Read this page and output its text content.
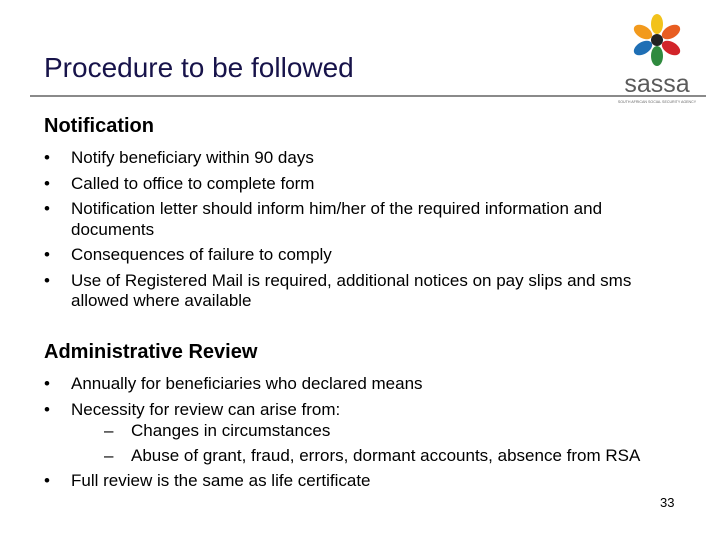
Procedure to be followed
sassa
SOUTH AFRICAN SOCIAL SECURITY AGENCY
Notification
• Notify beneficiary within 90 days
• Called to office to complete form
• Notification letter should inform him/her of the required information and documents
• Consequences of failure to comply
• Use of Registered Mail is required, additional notices on pay slips and sms allowed where available
Administrative Review
• Annually for beneficiaries who declared means
• Necessity for review can arise from:
– Changes in circumstances
– Abuse of grant, fraud, errors, dormant accounts, absence from RSA
• Full review is the same as life certificate
33
